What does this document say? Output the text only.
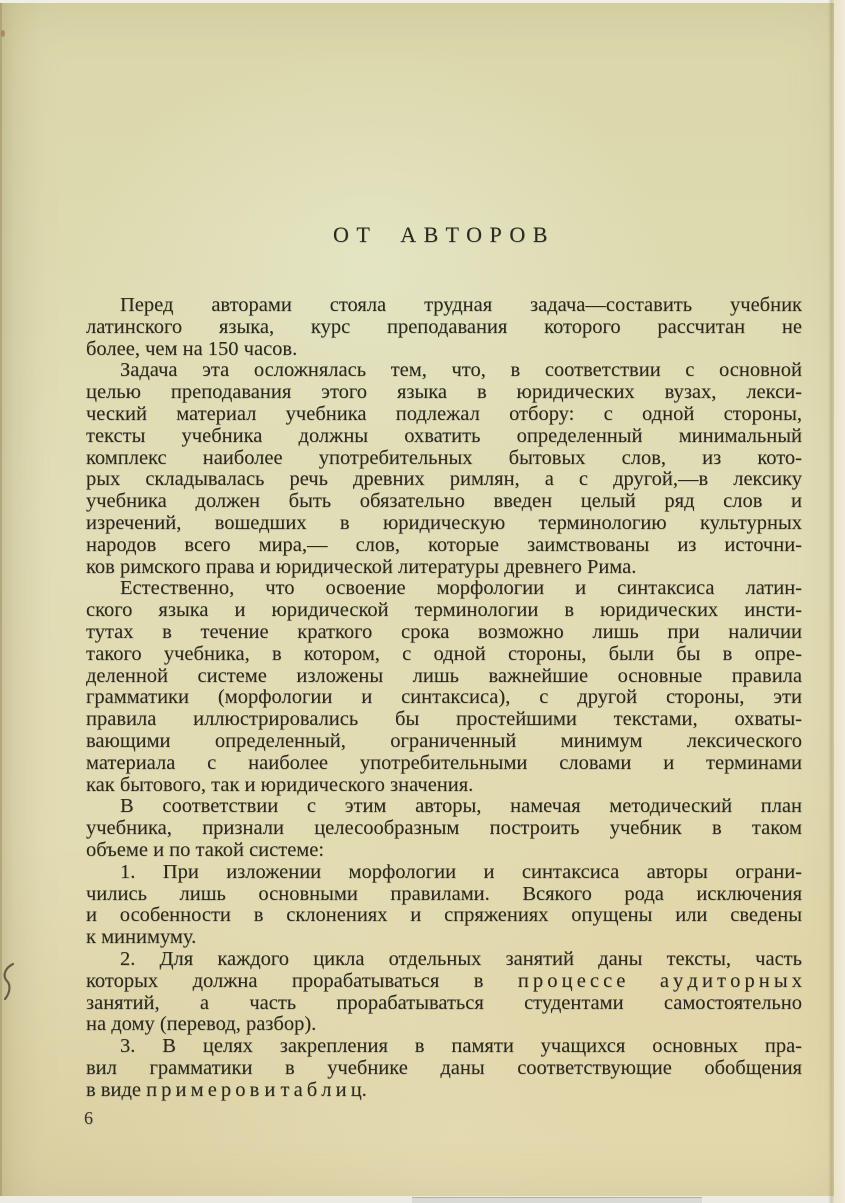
ОТ АВТОРОВ
Перед авторами стояла трудная задача—составить учебник
латинского языка, курс преподавания которого рассчитан не
более, чем на 150 часов.
Задача эта осложнялась тем, что, в соответствии с основной
целью преподавания этого языка в юридических вузах, лекси-
ческий материал учебника подлежал отбору: с одной стороны,
тексты учебника должны охватить определенный минимальный
комплекс наиболее употребительных бытовых слов, из кото-
рых складывалась речь древних римлян, а с другой,—в лексику
учебника должен быть обязательно введен целый ряд слов и
изречений, вошедших в юридическую терминологию культурных
народов всего мира,— слов, которые заимствованы из источни-
ков римского права и юридической литературы древнего Рима.
Естественно, что освоение морфологии и синтаксиса латин-
ского языка и юридической терминологии в юридических инсти-
тутах в течение краткого срока возможно лишь при наличии
такого учебника, в котором, с одной стороны, были бы в опре-
деленной системе изложены лишь важнейшие основные правила
грамматики (морфологии и синтаксиса), с другой стороны, эти
правила иллюстрировались бы простейшими текстами, охваты-
вающими определенный, ограниченный минимум лексического
материала с наиболее употребительными словами и терминами
как бытового, так и юридического значения.
В соответствии с этим авторы, намечая методический план
учебника, признали целесообразным построить учебник в таком
объеме и по такой системе:
1. При изложении морфологии и синтаксиса авторы ограни-
чились лишь основными правилами. Всякого рода исключения
и особенности в склонениях и спряжениях опущены или сведены
к минимуму.
2. Для каждого цикла отдельных занятий даны тексты, часть
которых должна прорабатываться в п р о ц е с с е а у д и т о р н ы х
занятий, а часть прорабатываться студентами самостоятельно
на дому (перевод, разбор).
3. В целях закрепления в памяти учащихся основных пра-
вил грамматики в учебнике даны соответствующие обобщения
в виде п р и м е р о в и т а б л и ц.
6
